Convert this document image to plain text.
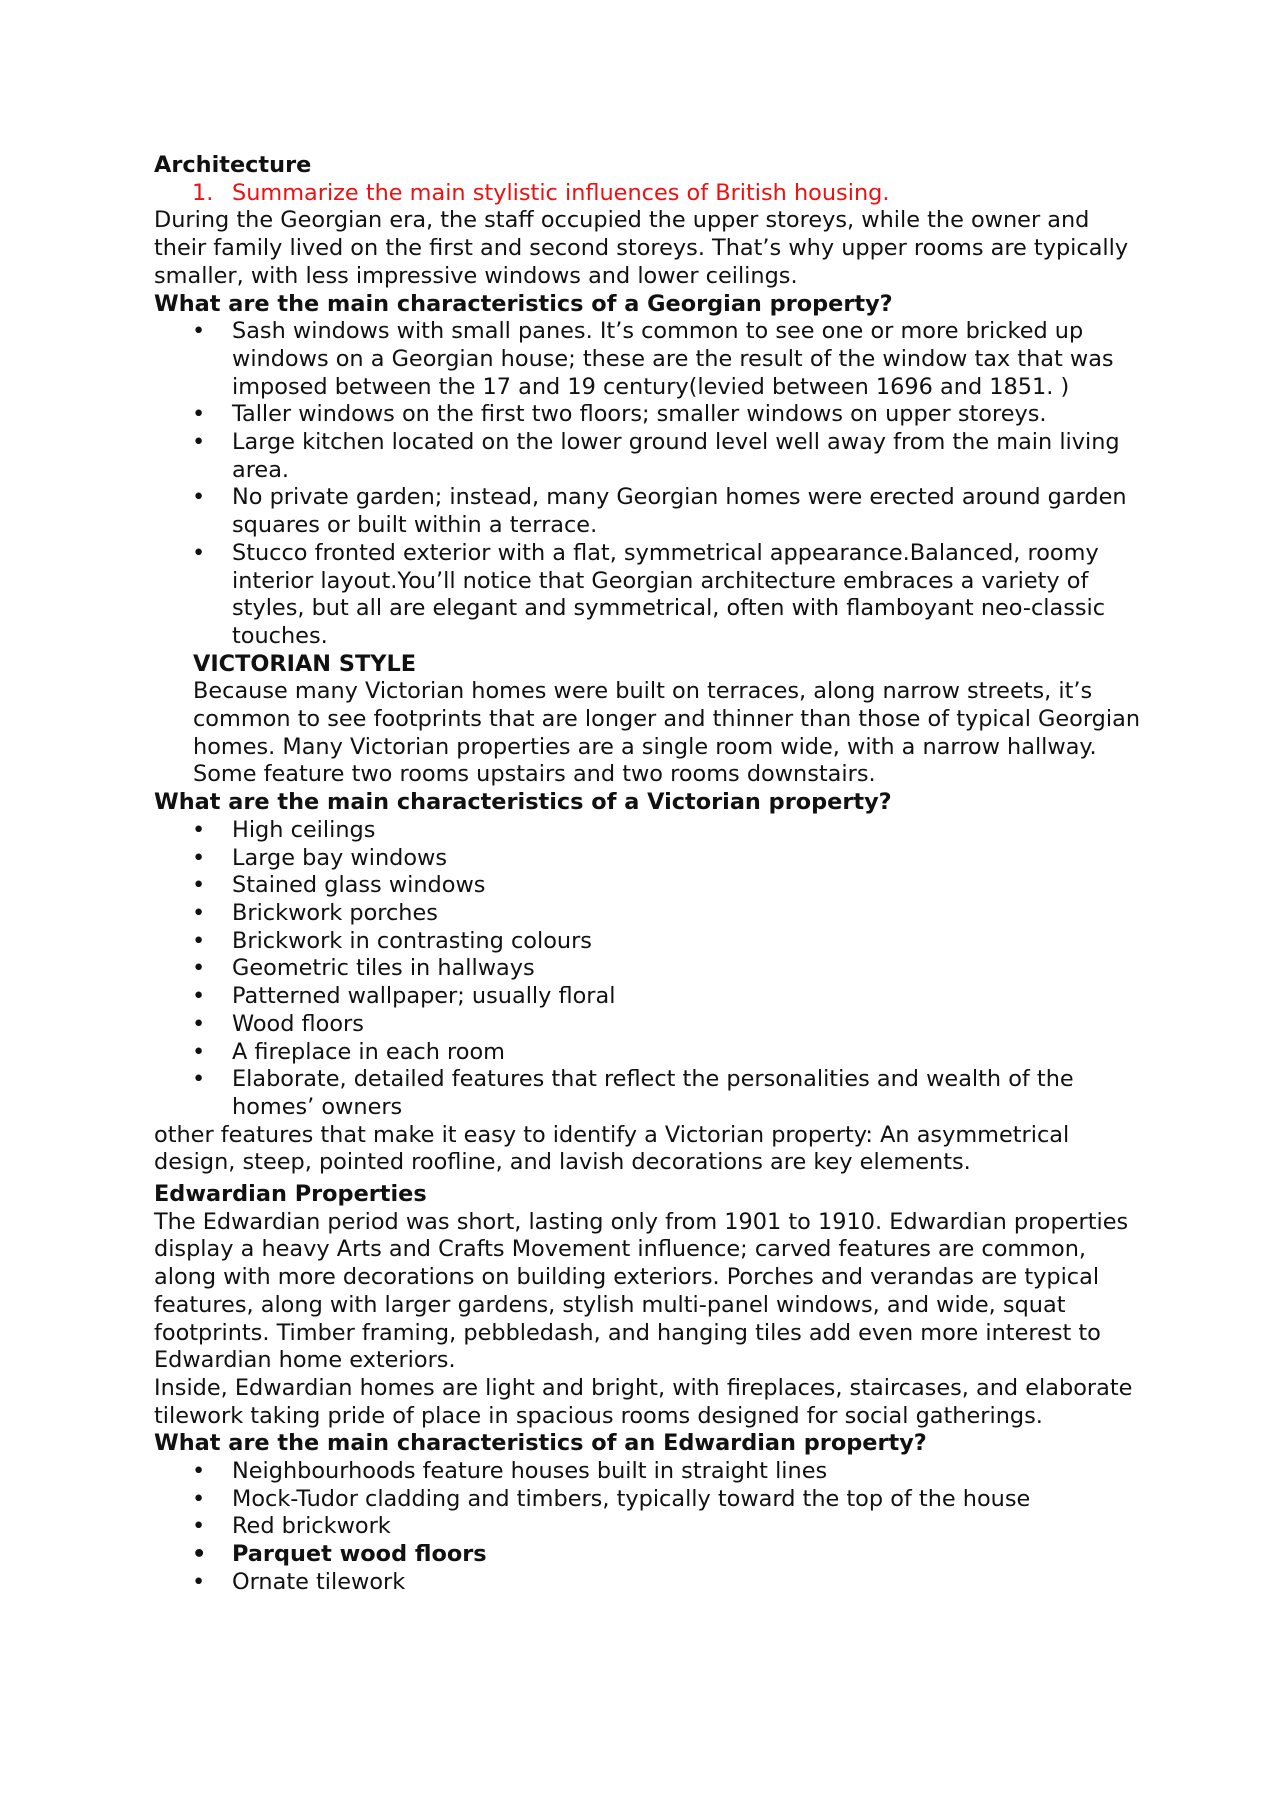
Architecture
1. Summarize the main stylistic influences of British housing.

During the Georgian era, the staff occupied the upper storeys, while the owner and their family lived on the first and second storeys. That’s why upper rooms are typically smaller, with less impressive windows and lower ceilings.

What are the main characteristics of a Georgian property?
• Sash windows with small panes. It’s common to see one or more bricked up windows on a Georgian house; these are the result of the window tax that was imposed between the 17 and 19 century(levied between 1696 and 1851. )
• Taller windows on the first two floors; smaller windows on upper storeys.
• Large kitchen located on the lower ground level well away from the main living area.
• No private garden; instead, many Georgian homes were erected around garden squares or built within a terrace.
• Stucco fronted exterior with a flat, symmetrical appearance.Balanced, roomy interior layout.You’ll notice that Georgian architecture embraces a variety of styles, but all are elegant and symmetrical, often with flamboyant neo-classic touches.
VICTORIAN STYLE

Because many Victorian homes were built on terraces, along narrow streets, it’s common to see footprints that are longer and thinner than those of typical Georgian homes. Many Victorian properties are a single room wide, with a narrow hallway. Some feature two rooms upstairs and two rooms downstairs.

What are the main characteristics of a Victorian property?
• High ceilings
• Large bay windows
• Stained glass windows
• Brickwork porches
• Brickwork in contrasting colours
• Geometric tiles in hallways
• Patterned wallpaper; usually floral
• Wood floors
• A fireplace in each room
• Elaborate, detailed features that reflect the personalities and wealth of the homes’ owners

other features that make it easy to identify a Victorian property: An asymmetrical design, steep, pointed roofline, and lavish decorations are key elements.

Edwardian Properties

The Edwardian period was short, lasting only from 1901 to 1910. Edwardian properties display a heavy Arts and Crafts Movement influence; carved features are common, along with more decorations on building exteriors. Porches and verandas are typical features, along with larger gardens, stylish multi-panel windows, and wide, squat footprints. Timber framing, pebbledash, and hanging tiles add even more interest to Edwardian home exteriors.

Inside, Edwardian homes are light and bright, with fireplaces, staircases, and elaborate tilework taking pride of place in spacious rooms designed for social gatherings.

What are the main characteristics of an Edwardian property?
• Neighbourhoods feature houses built in straight lines
• Mock-Tudor cladding and timbers, typically toward the top of the house
• Red brickwork
• Parquet wood floors
• Ornate tilework
